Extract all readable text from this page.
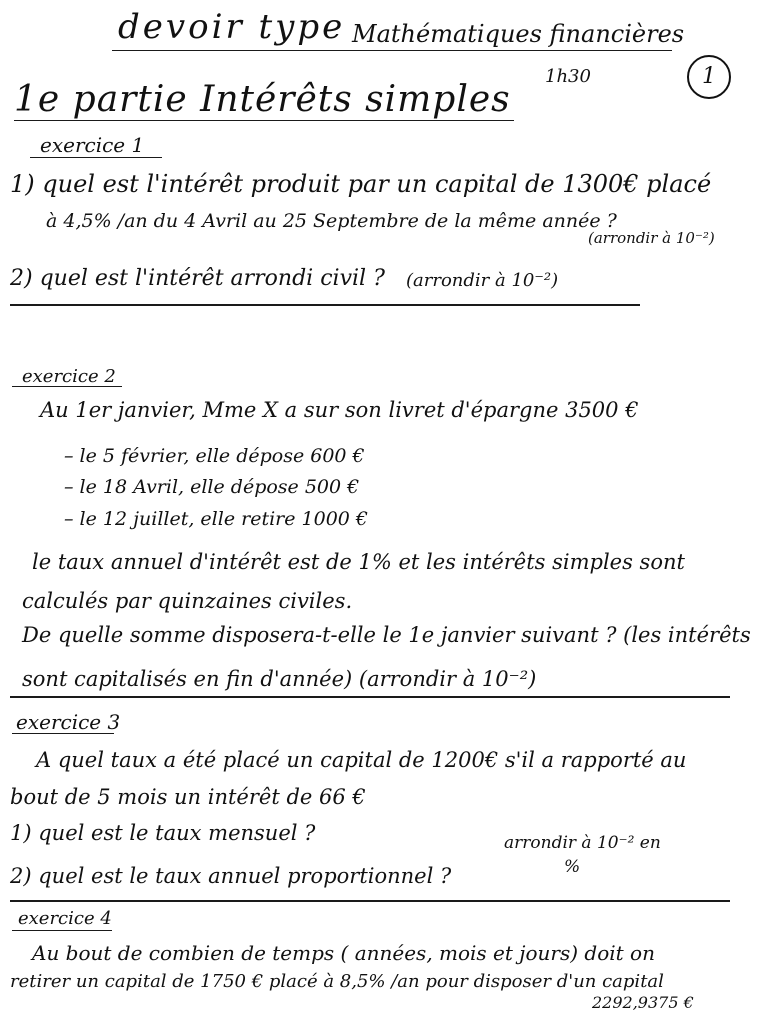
devoir type Mathématiques financières
1h30	1
1e partie Intérêts simples
exercice 1
1) quel est l'intérêt produit par un capital de 1300€ placé
à 4,5% /an du 4 Avril au 25 Septembre de la même année ?
(arrondir à 10⁻²)
2) quel est l'intérêt arrondi civil ? (arrondir à 10⁻²)
exercice 2
Au 1er janvier, Mme X a sur son livret d'épargne 3500 €
– le 5 février, elle dépose 600 €
– le 18 Avril, elle dépose 500 €
– le 12 juillet, elle retire 1000 €
le taux annuel d'intérêt est de 1% et les intérêts simples sont
calculés par quinzaines civiles.
De quelle somme disposera-t-elle le 1e janvier suivant ? (les intérêts
sont capitalisés en fin d'année) (arrondir à 10⁻²)
exercice 3
A quel taux a été placé un capital de 1200€ s'il a rapporté au
bout de 5 mois un intérêt de 66 €
1) quel est le taux mensuel ?	arrondir à 10⁻² en
%
2) quel est le taux annuel proportionnel ?
exercice 4
Au bout de combien de temps ( années, mois et jours) doit on
retirer un capital de 1750 € placé à 8,5% /an pour disposer d'un capital
2292,9375 €
